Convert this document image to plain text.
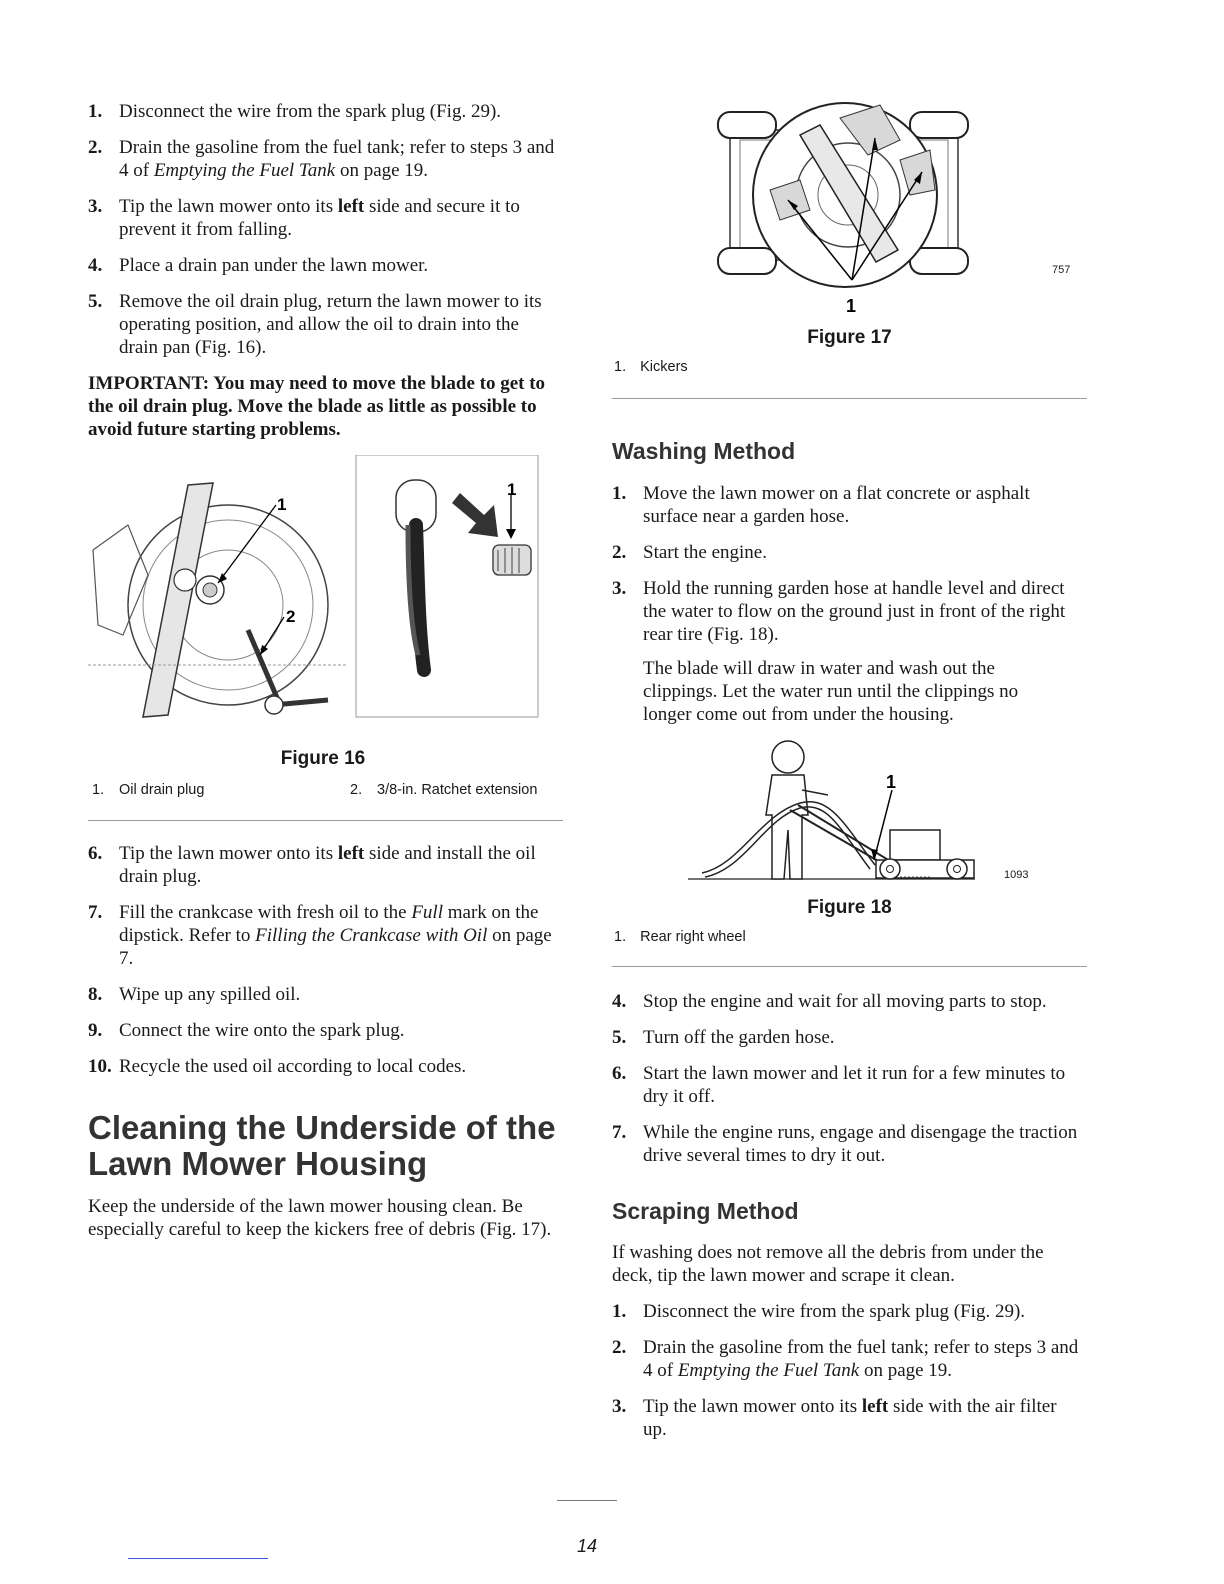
1. Disconnect the wire from the spark plug (Fig. 29).
2. Drain the gasoline from the fuel tank; refer to steps 3 and 4 of Emptying the Fuel Tank on page 19.
3. Tip the lawn mower onto its left side and secure it to prevent it from falling.
4. Place a drain pan under the lawn mower.
5. Remove the oil drain plug, return the lawn mower to its operating position, and allow the oil to drain into the drain pan (Fig. 16).
IMPORTANT: You may need to move the blade to get to the oil drain plug. Move the blade as little as possible to avoid future starting problems.
1
2
1
Figure 16
1. Oil drain plug	2. 3/8-in. Ratchet extension
6. Tip the lawn mower onto its left side and install the oil drain plug.
7. Fill the crankcase with fresh oil to the Full mark on the dipstick. Refer to Filling the Crankcase with Oil on page 7.
8. Wipe up any spilled oil.
9. Connect the wire onto the spark plug.
10. Recycle the used oil according to local codes.
Cleaning the Underside of the
Lawn Mower Housing
Keep the underside of the lawn mower housing clean. Be especially careful to keep the kickers free of debris (Fig. 17).
1
757
Figure 17
1. Kickers
Washing Method
1. Move the lawn mower on a flat concrete or asphalt surface near a garden hose.
2. Start the engine.
3. Hold the running garden hose at handle level and direct the water to flow on the ground just in front of the right rear tire (Fig. 18).
The blade will draw in water and wash out the clippings. Let the water run until the clippings no longer come out from under the housing.
1
1093
Figure 18
1. Rear right wheel
4. Stop the engine and wait for all moving parts to stop.
5. Turn off the garden hose.
6. Start the lawn mower and let it run for a few minutes to dry it off.
7. While the engine runs, engage and disengage the traction drive several times to dry it out.
Scraping Method
If washing does not remove all the debris from under the deck, tip the lawn mower and scrape it clean.
1. Disconnect the wire from the spark plug (Fig. 29).
2. Drain the gasoline from the fuel tank; refer to steps 3 and 4 of Emptying the Fuel Tank on page 19.
3. Tip the lawn mower onto its left side with the air filter up.
14
